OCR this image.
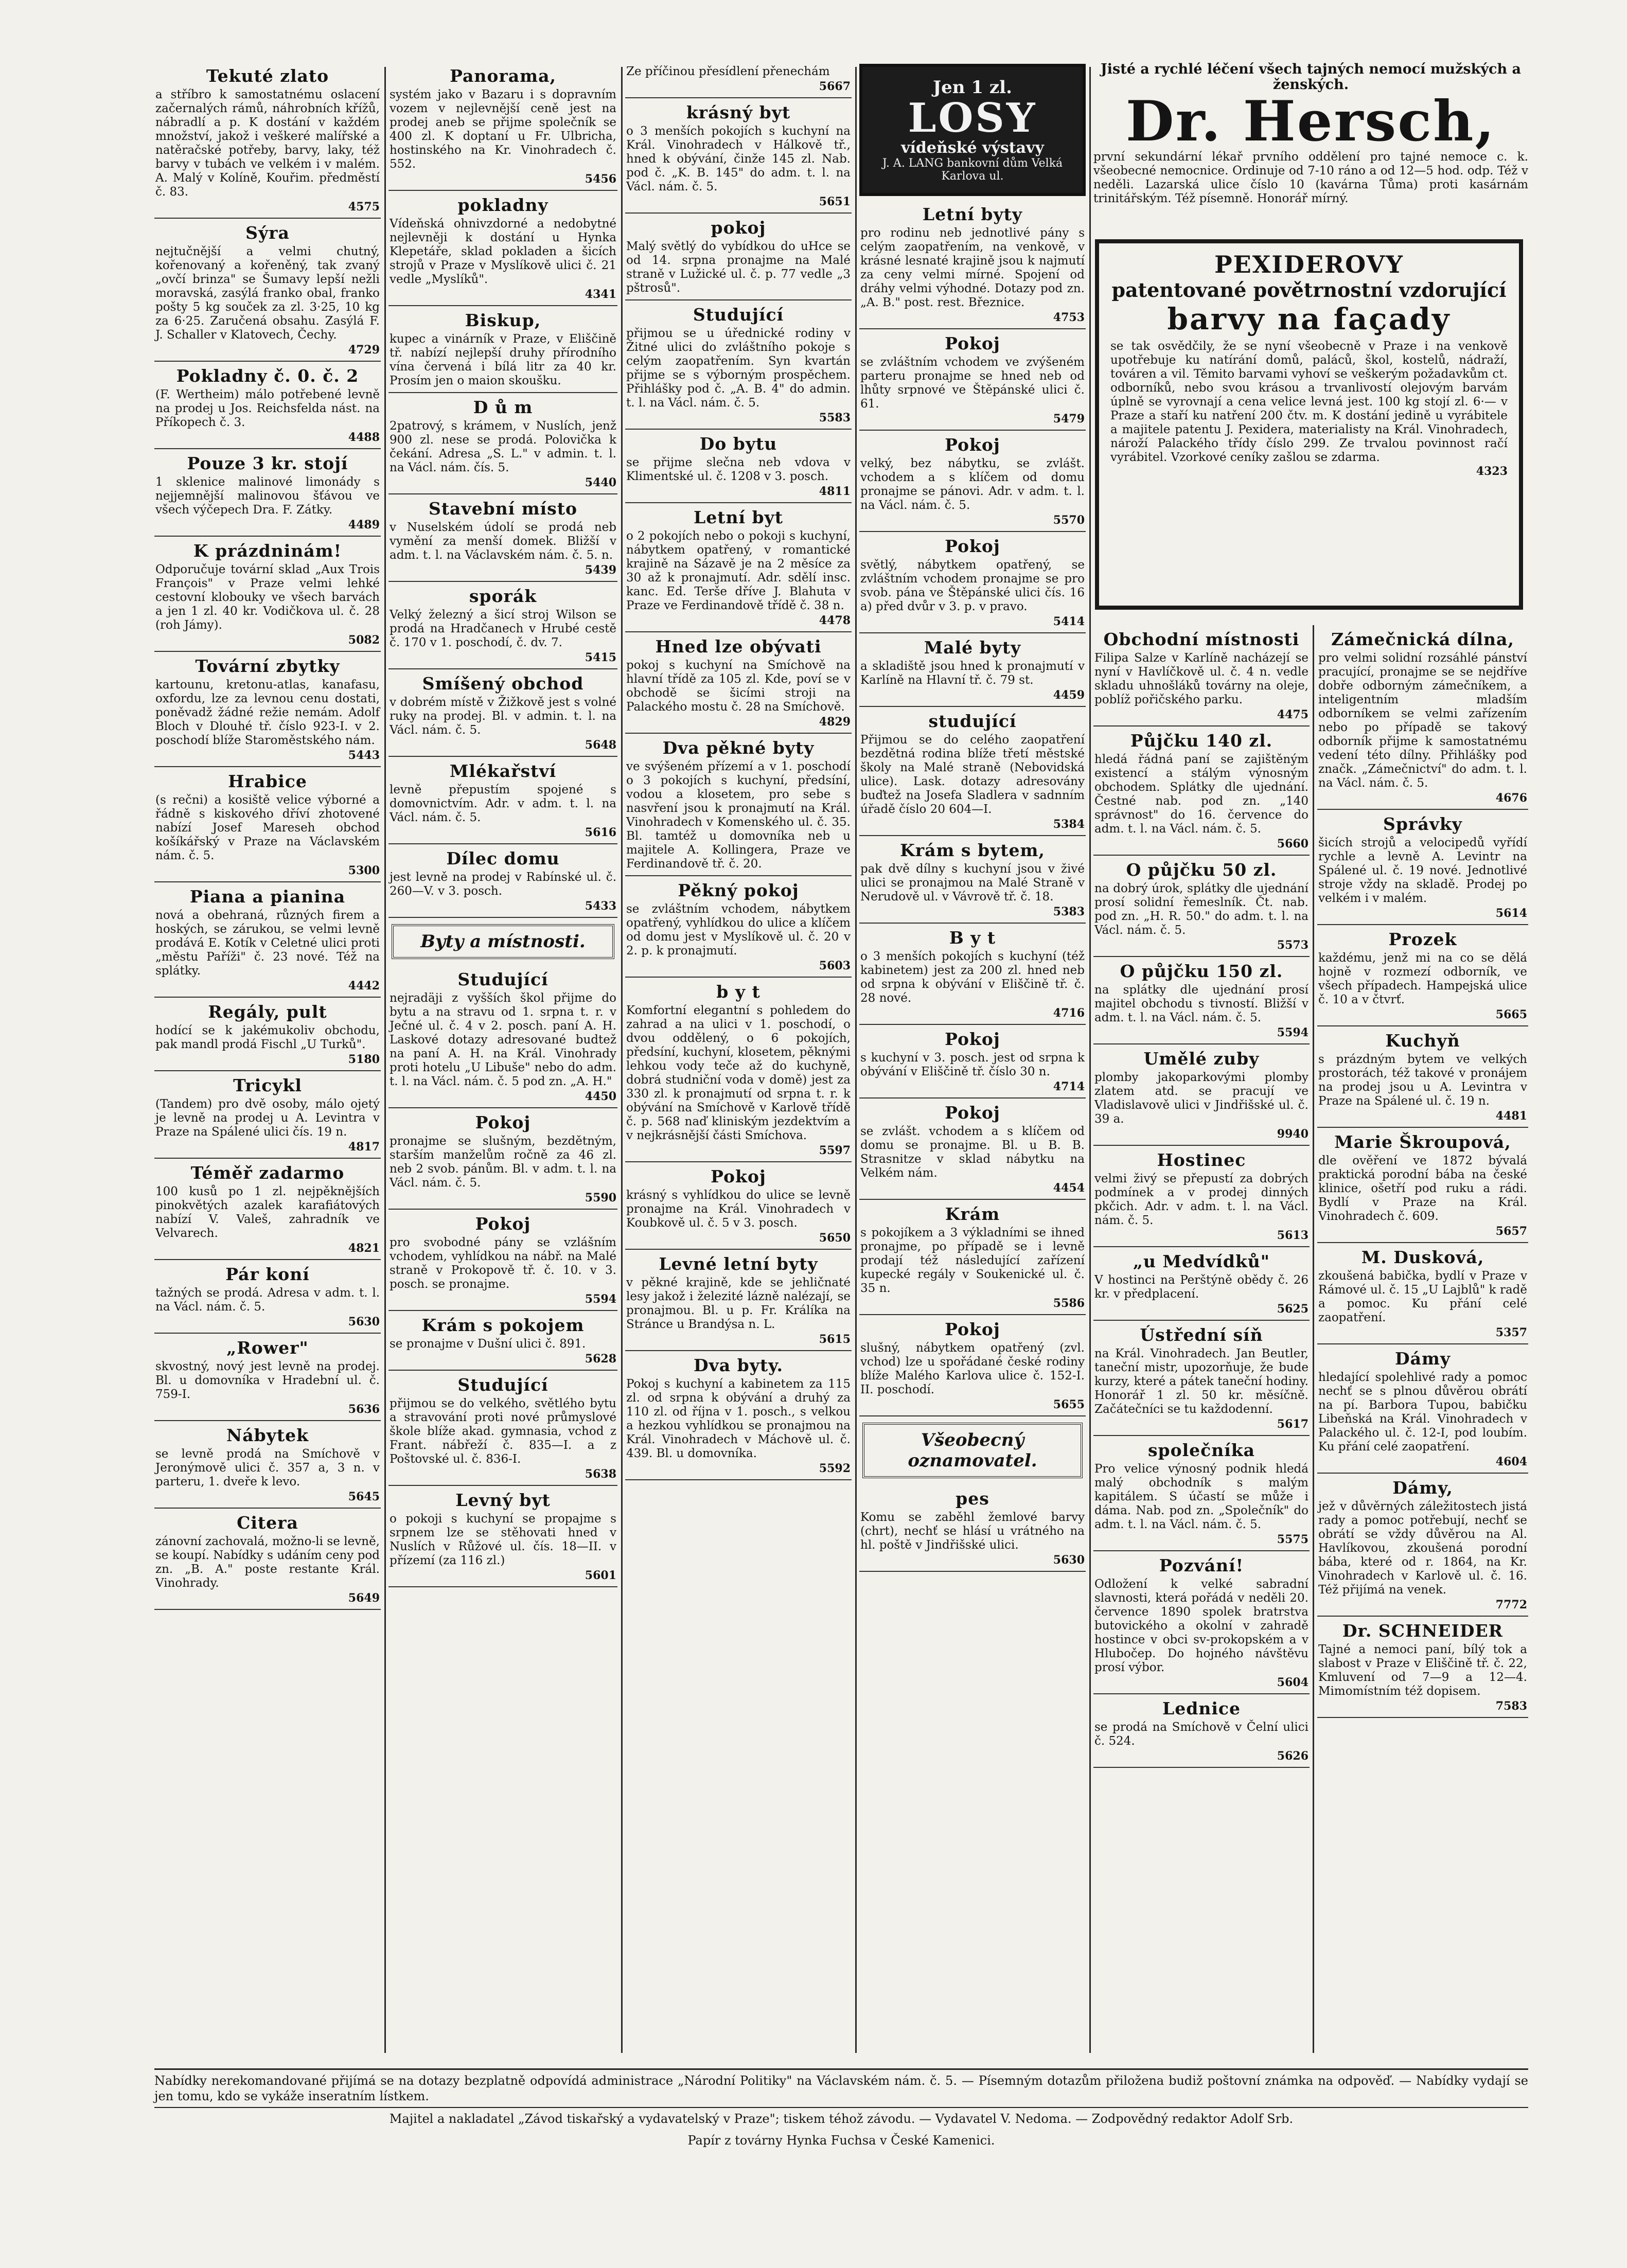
Tekuté zlato

a stříbro k samostatnému oslacení začernalých rámů, náhrobních křížů, nábradlí a p. K dostání v každém množství, jakož i veškeré malířské a natěračské potřeby, barvy, laky, též barvy v tubách ve velkém i v malém. A. Malý v Kolíně, Kouřim. předměstí č. 83.

4575
Sýra

nejtučnější a velmi chutný, kořenovaný a kořeněný, tak zvaný „ovčí brinza" se Šumavy lepší nežli moravská, zasýlá franko obal, franko pošty 5 kg souček za zl. 3·25, 10 kg za 6·25. Zaručená obsahu. Zasýlá F. J. Schaller v Klatovech, Čechy.

4729
Pokladny č. 0. č. 2

(F. Wertheim) málo potřebené levně na prodej u Jos. Reichsfelda nást. na Příkopech č. 3.

4488
Pouze 3 kr. stojí

1 sklenice malinové limonády s nejjemnější malinovou šťávou ve všech výčepech Dra. F. Zátky.

4489
K prázdninám!

Odporučuje tovární sklad „Aux Trois François" v Praze velmi lehké cestovní klobouky ve všech barvách a jen 1 zl. 40 kr. Vodičkova ul. č. 28 (roh Jámy).

5082
Tovární zbytky

kartounu, kretonu-atlas, kanafasu, oxfordu, lze za levnou cenu dostati, poněvadž žádné režie nemám. Adolf Bloch v Dlouhé tř. číslo 923-I. v 2. poschodí blíže Staroměstského nám.

5443
Hrabice

(s rečni) a kosiště velice výborné a řádně s kiskového dříví zhotovené nabízí Josef Mareseh obchod košíkářský v Praze na Václavském nám. č. 5.

5300
Piana a pianina

nová a obehraná, různých firem a hoských, se zárukou, se velmi levně prodává E. Kotík v Celetné ulici proti „městu Paříži" č. 23 nové. Též na splátky.

4442
Regály, pult

hodící se k jakémukoliv obchodu, pak mandl prodá Fischl „U Turků".

5180
Tricykl

(Tandem) pro dvě osoby, málo ojetý je levně na prodej u A. Levintra v Praze na Spálené ulici čís. 19 n.

4817
Téměř zadarmo

100 kusů po 1 zl. nejpěknějších pinokvětých azalek karafiátových nabízí V. Valeš, zahradník ve Velvarech.

4821
Pár koní

tažných se prodá. Adresa v adm. t. l. na Václ. nám. č. 5.

5630
„Rower"

skvostný, nový jest levně na prodej. Bl. u domovníka v Hradební ul. č. 759-I.

5636
Nábytek

se levně prodá na Smíchově v Jeronýmově ulici č. 357 a, 3 n. v parteru, 1. dveře k levo.

5645
Citera

zánovní zachovalá, možno-li se levně, se koupí. Nabídky s udáním ceny pod zn. „B. A." poste restante Král. Vinohrady.

5649
Panorama,

systém jako v Bazaru i s dopravním vozem v nejlevnější ceně jest na prodej aneb se přijme společník se 400 zl. K doptaní u Fr. Ulbricha, hostinského na Kr. Vinohradech č. 552.

5456
pokladny

Vídeňská ohnivzdorné a nedobytné nejlevněji k dostání u Hynka Klepetáře, sklad pokladen a šicích strojů v Praze v Myslíkově ulici č. 21 vedle „Myslíků".

4341
Biskup,

kupec a vinárník v Praze, v Eliščině tř. nabízí nejlepší druhy přírodního vína červená i bílá litr za 40 kr. Prosím jen o maion skoušku.

D ů m

2patrový, s krámem, v Nuslích, jenž 900 zl. nese se prodá. Polovička k čekání. Adresa „S. L." v admin. t. l. na Václ. nám. čís. 5.

5440
Stavební místo

v Nuselském údolí se prodá neb vymění za menší domek. Bližší v adm. t. l. na Václavském nám. č. 5. n.

5439
sporák

Velký železný a šicí stroj Wilson se prodá na Hradčanech v Hrubé cestě č. 170 v 1. poschodí, č. dv. 7.

5415
Smíšený obchod

v dobrém místě v Žižkově jest s volné ruky na prodej. Bl. v admin. t. l. na Václ. nám. č. 5.

5648
Mlékařství

levně přepustím spojené s domovnictvím. Adr. v adm. t. l. na Václ. nám. č. 5.

5616
Dílec domu

jest levně na prodej v Rabínské ul. č. 260—V. v 3. posch.

5433
Byty a místnosti.
Studující

nejradäji z vyšších škol přijme do bytu a na stravu od 1. srpna t. r. v Ječné ul. č. 4 v 2. posch. paní A. H. Laskové dotazy adresované budtež na paní A. H. na Král. Vinohrady proti hotelu „U Libuše" nebo do adm. t. l. na Václ. nám. č. 5 pod zn. „A. H."

4450
Pokoj

pronajme se slušným, bezdětným, starším manželům ročně za 46 zl. neb 2 svob. pánům. Bl. v adm. t. l. na Václ. nám. č. 5.

5590
Pokoj

pro svobodné pány se vzlášním vchodem, vyhlídkou na nábř. na Malé straně v Prokopově tř. č. 10. v 3. posch. se pronajme.

5594
Krám s pokojem

se pronajme v Dušní ulici č. 891.

5628
Studující

přijmou se do velkého, světlého bytu a stravování proti nové průmyslové škole blíže akad. gymnasia, vchod z Frant. nábřeží č. 835—I. a z Poštovské ul. č. 836-I.

5638
Levný byt

o pokoji s kuchyní se propajme s srpnem lze se stěhovati hned v Nuslích v Růžové ul. čís. 18—II. v přízemí (za 116 zl.)

5601

Ze příčinou přesídlení přenechám

5667
krásný byt

o 3 menších pokojích s kuchyní na Král. Vinohradech v Hálkově tř., hned k obývání, činže 145 zl. Nab. pod č. „K. B. 145" do adm. t. l. na Václ. nám. č. 5.

5651
pokoj

Malý světlý do vybídkou do uHce se od 14. srpna pronajme na Malé straně v Lužické ul. č. p. 77 vedle „3 pštrosů".

Studující

přijmou se u úřednické rodiny v Žitné ulici do zvláštního pokoje s celým zaopatřením. Syn kvartán přijme se s výborným prospěchem. Přihlášky pod č. „A. B. 4" do admin. t. l. na Václ. nám. č. 5.

5583
Do bytu

se přijme slečna neb vdova v Klimentské ul. č. 1208 v 3. posch.

4811
Letní byt

o 2 pokojích nebo o pokoji s kuchyní, nábytkem opatřený, v romantické krajině na Sázavě je na 2 měsíce za 30 až k pronajmutí. Adr. sdělí insc. kanc. Ed. Terše dříve J. Blahuta v Praze ve Ferdinandově třídě č. 38 n.

4478
Hned lze obývati

pokoj s kuchyní na Smíchově na hlavní třídě za 105 zl. Kde, poví se v obchodě se šicími stroji na Palackého mostu č. 28 na Smíchově.

4829
Dva pěkné byty

ve svýšeném přízemí a v 1. poschodí o 3 pokojích s kuchyní, předsíní, vodou a klosetem, pro sebe s nasvření jsou k pronajmutí na Král. Vinohradech v Komenského ul. č. 35. Bl. tamtéž u domovníka neb u majitele A. Kollingera, Praze ve Ferdinandově tř. č. 20.

Pěkný pokoj

se zvláštním vchodem, nábytkem opatřený, vyhlídkou do ulice a klíčem od domu jest v Myslíkově ul. č. 20 v 2. p. k pronajmutí.

5603
b y t

Komfortní elegantní s pohledem do zahrad a na ulici v 1. poschodí, o dvou oddělený, o 6 pokojích, předsíní, kuchyní, klosetem, pěknými lehkou vody teče až do kuchyně, dobrá studniční voda v domě) jest za 330 zl. k pronajmutí od srpna t. r. k obývání na Smíchově v Karlově třídě č. p. 568 naď kliniským jezdektvím a v nejkrásnější části Smíchova.

5597
Pokoj

krásný s vyhlídkou do ulice se levně pronajme na Král. Vinohradech v Koubkově ul. č. 5 v 3. posch.

5650
Levné letní byty

v pěkné krajině, kde se jehličnaté lesy jakož i železité lázně nalézají, se pronajmou. Bl. u p. Fr. Králíka na Stránce u Brandýsa n. L.

5615
Dva byty.

Pokoj s kuchyní a kabinetem za 115 zl. od srpna k obývání a druhý za 110 zl. od října v 1. posch., s velkou a hezkou vyhlídkou se pronajmou na Král. Vinohradech v Máchově ul. č. 439. Bl. u domovníka.

5592
Jen 1 zl.
LOSY
vídeňské výstavy
J. A. LANG bankovní dům Velká Karlova ul.
Letní byty

pro rodinu neb jednotlivé pány s celým zaopatřením, na venkově, v krásné lesnaté krajině jsou k najmutí za ceny velmi mírné. Spojení od dráhy velmi výhodné. Dotazy pod zn. „A. B." post. rest. Březnice.

4753
Pokoj

se zvláštním vchodem ve zvýšeném parteru pronajme se hned neb od lhůty srpnové ve Štěpánské ulici č. 61.

5479
Pokoj

velký, bez nábytku, se zvlášt. vchodem a s klíčem od domu pronajme se pánovi. Adr. v adm. t. l. na Václ. nám. č. 5.

5570
Pokoj

světlý, nábytkem opatřený, se zvláštním vchodem pronajme se pro svob. pána ve Štěpánské ulici čís. 16 a) před dvůr v 3. p. v pravo.

5414
Malé byty

a skladiště jsou hned k pronajmutí v Karlíně na Hlavní tř. č. 79 st.

4459
studující

Přijmou se do celého zaopatření bezdětná rodina blíže třetí městské školy na Malé straně (Nebovidská ulice). Lask. dotazy adresovány buďtež na Josefa Sladlera v sadnním úřadě číslo 20 604—I.

5384
Krám s bytem,

pak dvě dílny s kuchyní jsou v živé ulici se pronajmou na Malé Straně v Nerudově ul. v Vávrově tř. č. 18.

5383
B y t

o 3 menších pokojích s kuchyní (též kabinetem) jest za 200 zl. hned neb od srpna k obývání v Eliščině tř. č. 28 nové.

4716
Pokoj

s kuchyní v 3. posch. jest od srpna k obývání v Eliščině tř. číslo 30 n.

4714
Pokoj

se zvlášt. vchodem a s klíčem od domu se pronajme. Bl. u B. B. Strasnitze v sklad nábytku na Velkém nám.

4454
Krám

s pokojíkem a 3 výkladními se ihned pronajme, po případě se i levně prodají též následující zařízení kupecké regály v Soukenické ul. č. 35 n.

5586
Pokoj

slušný, nábytkem opatřený (zvl. vchod) lze u spořádané české rodiny blíže Malého Karlova ulice č. 152-I. II. poschodí.

5655
Všeobecný oznamovatel.
pes

Komu se zaběhl žemlové barvy (chrt), nechť se hlásí u vrátného na hl. poště v Jindřišské ulici.

5630
Jisté a rychlé léčení všech tajných nemocí mužských a ženských.
Dr. Hersch,

první sekundární lékař prvního oddělení pro tajné nemoce c. k. všeobecné nemocnice. Ordinuje od 7-10 ráno a od 12—5 hod. odp. Též v neděli. Lazarská ulice číslo 10 (kavárna Tůma) proti kasárnám trinitářským. Též písemně. Honorář mírný.

PEXIDEROVY
patentované povětrnostní vzdorující
barvy na façady

se tak osvědčily, že se nyní všeobecně v Praze i na venkově upotřebuje ku natírání domů, paláců, škol, kostelů, nádraží, továren a vil. Těmito barvami vyhoví se veškerým požadavkům ct. odborníků, nebo svou krásou a trvanlivostí olejovým barvám úplně se vyrovnají a cena velice levná jest. 100 kg stojí zl. 6·— v Praze a staří ku natření 200 čtv. m. K dostání jedině u vyrábitele a majitele patentu J. Pexidera, materialisty na Král. Vinohradech, nároží Palackého třídy číslo 299. Ze trvalou povinnost račí vyrábitel. Vzorkové ceníky zašlou se zdarma.

4323
Obchodní místnosti

Filipa Salze v Karlíně nacházejí se nyní v Havlíčkově ul. č. 4 n. vedle skladu uhnošláků továrny na oleje, poblíž pořičského parku.

4475
Půjčku 140 zl.

hledá řádná paní se zajištěným existencí a stálým výnosným obchodem. Splátky dle ujednání. Čestné nab. pod zn. „140 správnost" do 16. července do adm. t. l. na Václ. nám. č. 5.

5660
O půjčku 50 zl.

na dobrý úrok, splátky dle ujednání prosí solidní řemeslník. Čt. nab. pod zn. „H. R. 50." do adm. t. l. na Václ. nám. č. 5.

5573
O půjčku 150 zl.

na splátky dle ujednání prosí majitel obchodu s tivností. Bližší v adm. t. l. na Václ. nám. č. 5.

5594
Umělé zuby

plomby jakoparkovými plomby zlatem atd. se pracují ve Vladislavově ulici v Jindřišské ul. č. 39 a.

9940
Hostinec

velmi živý se přepustí za dobrých podmínek a v prodej dinných pkčich. Adr. v adm. t. l. na Václ. nám. č. 5.

5613
„u Medvídků"

V hostinci na Perštýně obědy č. 26 kr. v předplacení.

5625
Ústřední síň

na Král. Vinohradech. Jan Beutler, taneční mistr, upozorňuje, že bude kurzy, které a pátek taneční hodiny. Honorář 1 zl. 50 kr. měsíčně. Začátečníci se tu každodenní.

5617
společníka

Pro velice výnosný podnik hledá malý obchodník s malým kapitálem. S účastí se může i dáma. Nab. pod zn. „Společník" do adm. t. l. na Václ. nám. č. 5.

5575
Pozvání!

Odložení k velké sabradní slavnosti, která pořádá v neděli 20. července 1890 spolek bratrstva butovického a okolní v zahradě hostince v obci sv-prokopském a v Hlubočep. Do hojného návštěvu prosí výbor.

5604
Lednice

se prodá na Smíchově v Čelní ulici č. 524.

5626
Zámečnická dílna,

pro velmi solidní rozsáhlé pánství pracující, pronajme se se nejdříve dobře odborným zámečníkem, a inteligentním mladším odborníkem se velmi zařízením nebo po případě se takový odborník přijme k samostatnému vedení této dílny. Přihlášky pod značk. „Zámečnictví" do adm. t. l. na Václ. nám. č. 5.

4676
Správky

šicích strojů a velocipedů vyřídí rychle a levně A. Levintr na Spálené ul. č. 19 nové. Jednotlivé stroje vždy na skladě. Prodej po velkém i v malém.

5614
Prozek

každému, jenž mi na co se dělá hojně v rozmezí odborník, ve všech případech. Hampejská ulice č. 10 a v čtvrť.

5665
Kuchyň

s prázdným bytem ve velkých prostorách, též takové v pronájem na prodej jsou u A. Levintra v Praze na Spálené ul. č. 19 n.

4481
Marie Škroupová,

dle ověření ve 1872 bývalá praktická porodní bába na české klinice, ošetří pod ruku a rádi. Bydlí v Praze na Král. Vinohradech č. 609.

5657
M. Dusková,

zkoušená babička, bydlí v Praze v Rámové ul. č. 15 „U Lajblů" k radě a pomoc. Ku přání celé zaopatření.

5357
Dámy

hledající spolehlivé rady a pomoc nechť se s plnou důvěrou obrátí na pí. Barbora Tupou, babičku Libeňská na Král. Vinohradech v Palackého ul. č. 12-I, pod loubím. Ku přání celé zaopatření.

4604
Dámy,

jež v důvěrných záležitostech jistá rady a pomoc potřebují, nechť se obrátí se vždy důvěrou na Al. Havlíkovou, zkoušená porodní bába, které od r. 1864, na Kr. Vinohradech v Karlově ul. č. 16. Též přijímá na venek.

7772
Dr. SCHNEIDER

Tajné a nemoci paní, bílý tok a slabost v Praze v Eliščině tř. č. 22, Kmluvení od 7—9 a 12—4. Mimomístním též dopisem.

7583

Nabídky nerekomandované přijímá se na dotazy bezplatně odpovídá administrace „Národní Politiky" na Václavském nám. č. 5. — Písemným dotazům přiložena budiž poštovní známka na odpověď. — Nabídky vydají se jen tomu, kdo se vykáže inseratním lístkem.

Majitel a nakladatel „Závod tiskařský a vydavatelský v Praze"; tiskem téhož závodu. — Vydavatel V. Nedoma. — Zodpovědný redaktor Adolf Srb.

Papír z továrny Hynka Fuchsa v České Kamenici.
